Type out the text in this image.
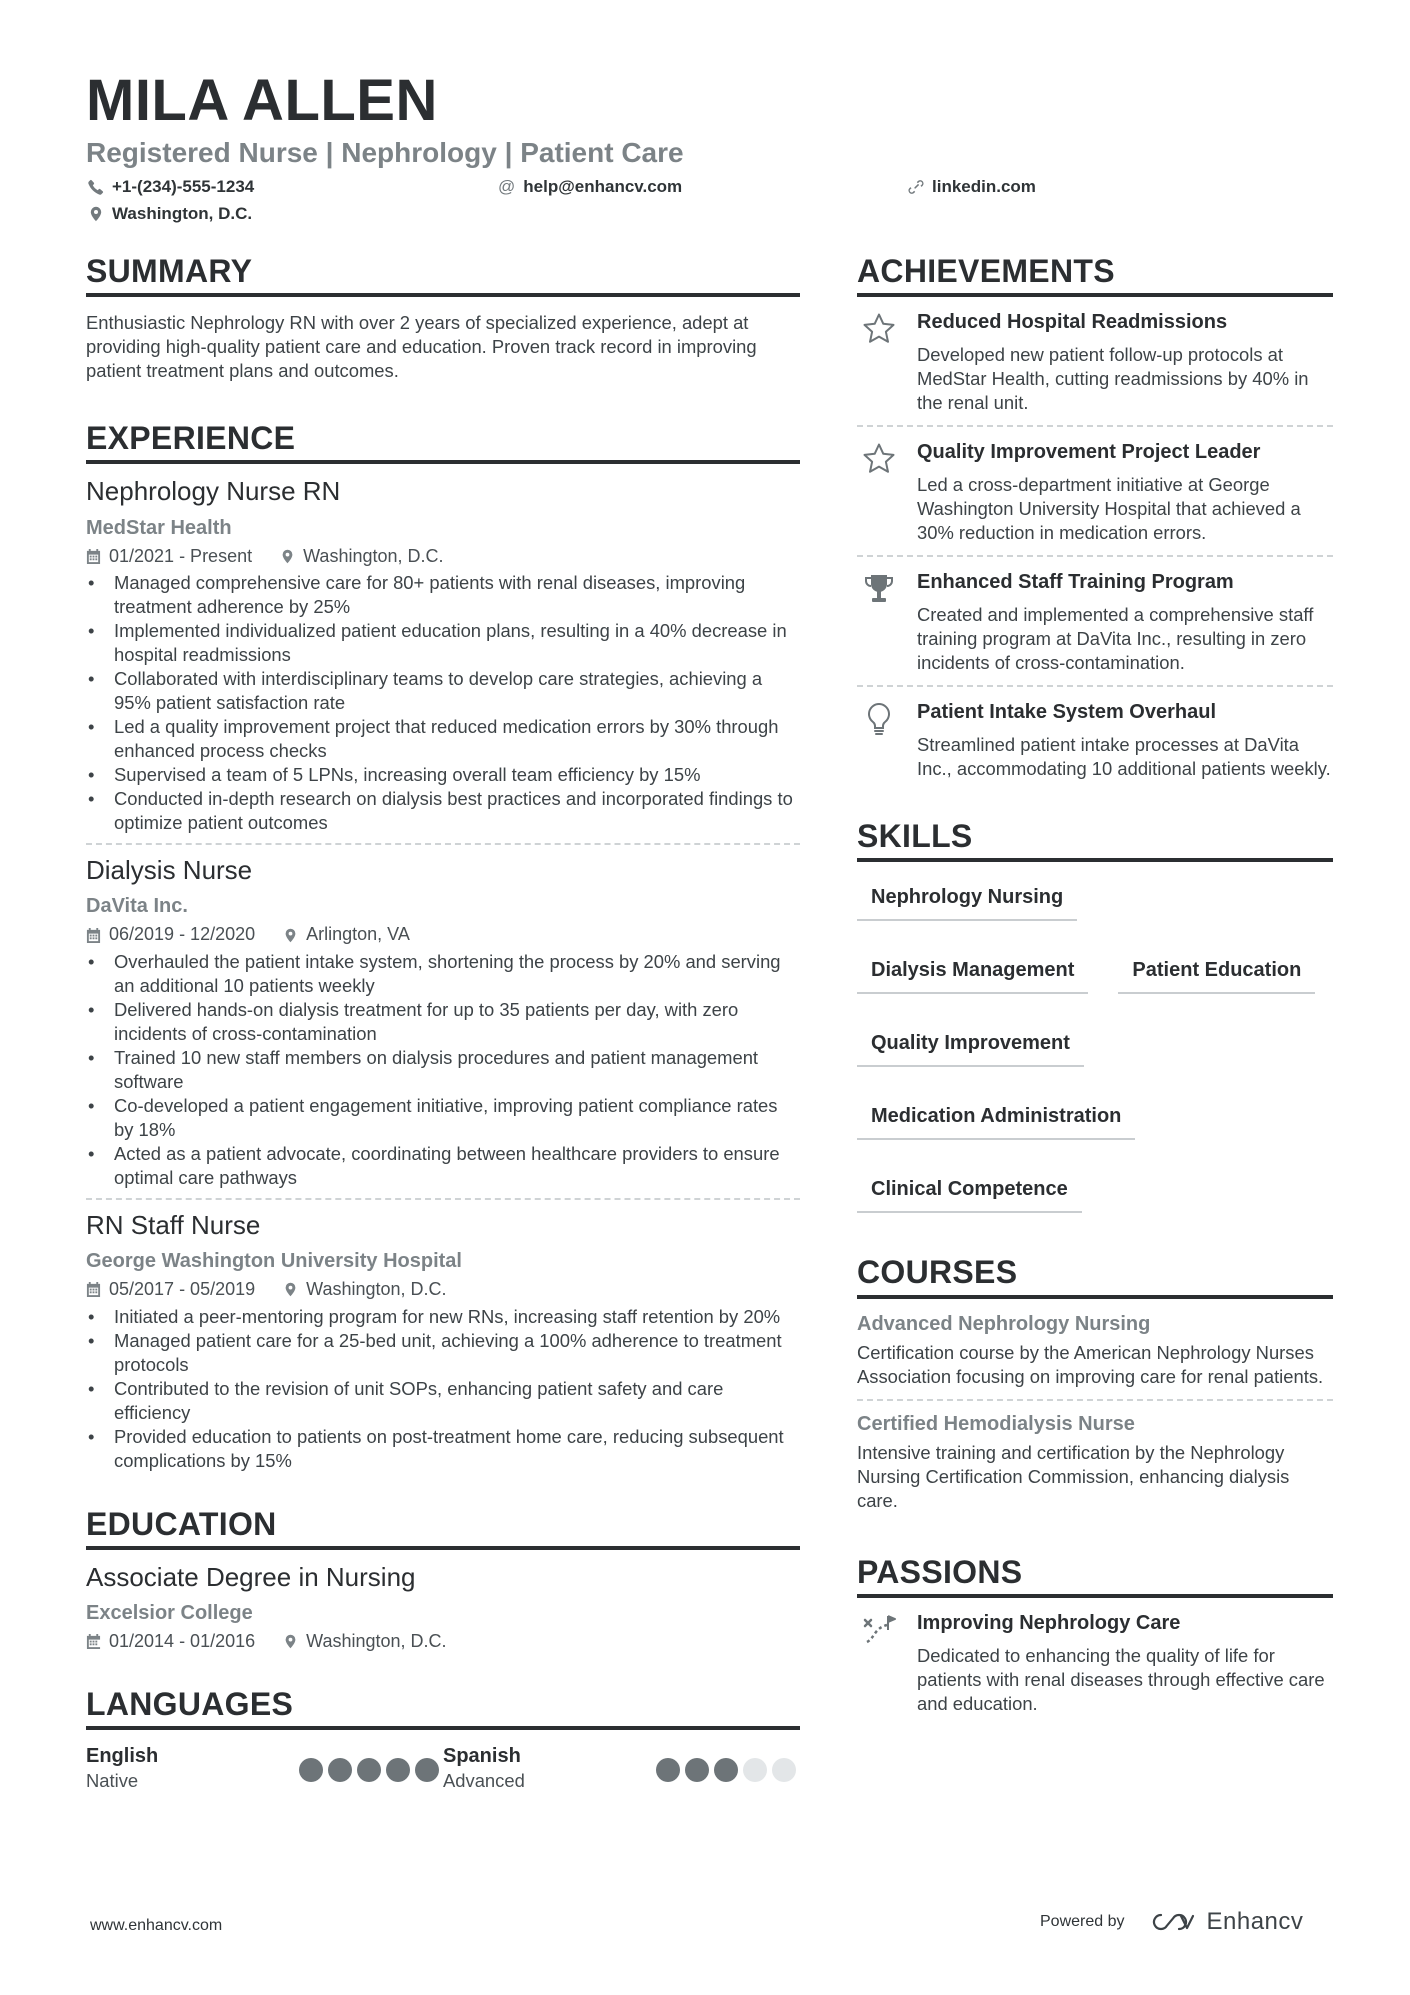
MILA ALLEN
Registered Nurse | Nephrology | Patient Care
+1-(234)-555-1234	@ help@enhancv.com	linkedin.com
Washington, D.C.
SUMMARY

Enthusiastic Nephrology RN with over 2 years of specialized experience, adept at providing high-quality patient care and education. Proven track record in improving patient treatment plans and outcomes.

EXPERIENCE
Nephrology Nurse RN
MedStar Health
01/2021 - Present	Washington, D.C.
• Managed comprehensive care for 80+ patients with renal diseases, improving treatment adherence by 25%
• Implemented individualized patient education plans, resulting in a 40% decrease in hospital readmissions
• Collaborated with interdisciplinary teams to develop care strategies, achieving a 95% patient satisfaction rate
• Led a quality improvement project that reduced medication errors by 30% through enhanced process checks
• Supervised a team of 5 LPNs, increasing overall team efficiency by 15%
• Conducted in-depth research on dialysis best practices and incorporated findings to optimize patient outcomes
Dialysis Nurse
DaVita Inc.
06/2019 - 12/2020	Arlington, VA
• Overhauled the patient intake system, shortening the process by 20% and serving an additional 10 patients weekly
• Delivered hands-on dialysis treatment for up to 35 patients per day, with zero incidents of cross-contamination
• Trained 10 new staff members on dialysis procedures and patient management software
• Co-developed a patient engagement initiative, improving patient compliance rates by 18%
• Acted as a patient advocate, coordinating between healthcare providers to ensure optimal care pathways
RN Staff Nurse
George Washington University Hospital
05/2017 - 05/2019	Washington, D.C.
• Initiated a peer-mentoring program for new RNs, increasing staff retention by 20%
• Managed patient care for a 25-bed unit, achieving a 100% adherence to treatment protocols
• Contributed to the revision of unit SOPs, enhancing patient safety and care efficiency
• Provided education to patients on post-treatment home care, reducing subsequent complications by 15%
EDUCATION
Associate Degree in Nursing
Excelsior College
01/2014 - 01/2016	Washington, D.C.
LANGUAGES
English
Native
Spanish
Advanced
ACHIEVEMENTS
Reduced Hospital Readmissions
Developed new patient follow-up protocols at MedStar Health, cutting readmissions by 40% in the renal unit.
Quality Improvement Project Leader
Led a cross-department initiative at George Washington University Hospital that achieved a 30% reduction in medication errors.
Enhanced Staff Training Program
Created and implemented a comprehensive staff training program at DaVita Inc., resulting in zero incidents of cross-contamination.
Patient Intake System Overhaul
Streamlined patient intake processes at DaVita Inc., accommodating 10 additional patients weekly.
SKILLS
Nephrology Nursing
Dialysis Management	Patient Education
Quality Improvement
Medication Administration
Clinical Competence
COURSES
Advanced Nephrology Nursing
Certification course by the American Nephrology Nurses Association focusing on improving care for renal patients.
Certified Hemodialysis Nurse
Intensive training and certification by the Nephrology Nursing Certification Commission, enhancing dialysis care.
PASSIONS
Improving Nephrology Care
Dedicated to enhancing the quality of life for patients with renal diseases through effective care and education.
www.enhancv.com	Powered by	Enhancv
